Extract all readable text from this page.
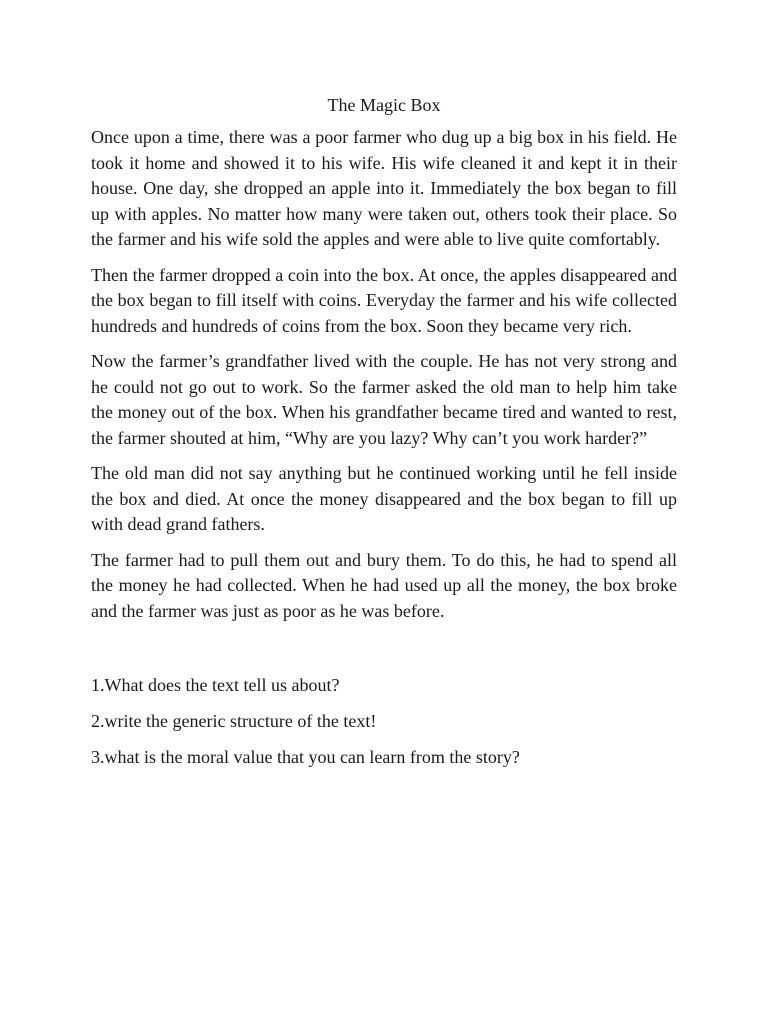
The Magic Box

Once upon a time, there was a poor farmer who dug up a big box in his field. He took it home and showed it to his wife. His wife cleaned it and kept it in their house. One day, she dropped an apple into it. Immediately the box began to fill up with apples. No matter how many were taken out, others took their place. So the farmer and his wife sold the apples and were able to live quite comfortably.

Then the farmer dropped a coin into the box. At once, the apples disappeared and the box began to fill itself with coins. Everyday the farmer and his wife collected hundreds and hundreds of coins from the box. Soon they became very rich.

Now the farmer’s grandfather lived with the couple. He has not very strong and he could not go out to work. So the farmer asked the old man to help him take the money out of the box. When his grandfather became tired and wanted to rest, the farmer shouted at him, “Why are you lazy? Why can’t you work harder?”

The old man did not say anything but he continued working until he fell inside the box and died. At once the money disappeared and the box began to fill up with dead grand fathers.

The farmer had to pull them out and bury them. To do this, he had to spend all the money he had collected. When he had used up all the money, the box broke and the farmer was just as poor as he was before.

1.What does the text tell us about?

2.write the generic structure of the text!

3.what is the moral value that you can learn from the story?
